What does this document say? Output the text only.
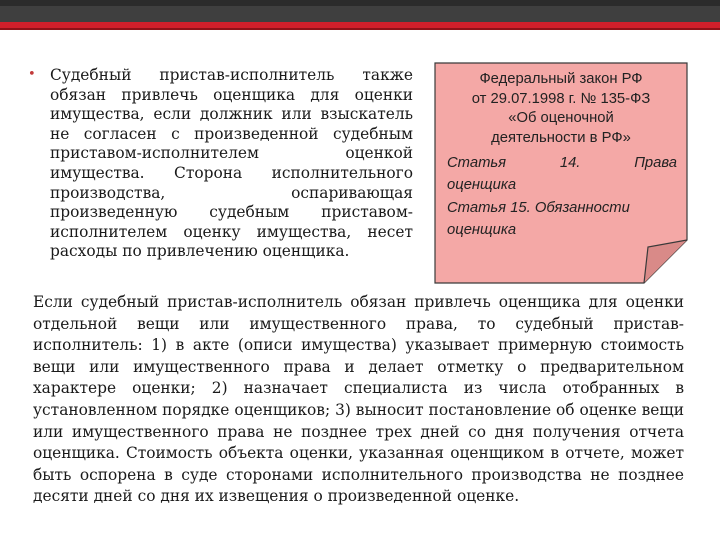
• Судебный пристав-исполнитель также обязан привлечь оценщика для оценки имущества, если должник или взыскатель не согласен с произведенной судебным приставом-исполнителем оценкой имущества. Сторона исполнительного производства, оспаривающая произведенную судебным приставом-исполнителем оценку имущества, несет расходы по привлечению оценщика.
Федеральный закон РФ
от 29.07.1998 г. № 135-ФЗ
«Об оценочной
деятельности в РФ»
Статья 14. Права
оценщика
Статья 15. Обязанности
оценщика
Если судебный пристав-исполнитель обязан привлечь оценщика для оценки отдельной вещи или имущественного права, то судебный пристав-исполнитель: 1) в акте (описи имущества) указывает примерную стоимость вещи или имущественного права и делает отметку о предварительном характере оценки; 2) назначает специалиста из числа отобранных в установленном порядке оценщиков; 3) выносит постановление об оценке вещи или имущественного права не позднее трех дней со дня получения отчета оценщика. Стоимость объекта оценки, указанная оценщиком в отчете, может быть оспорена в суде сторонами исполнительного производства не позднее десяти дней со дня их извещения о произведенной оценке.
